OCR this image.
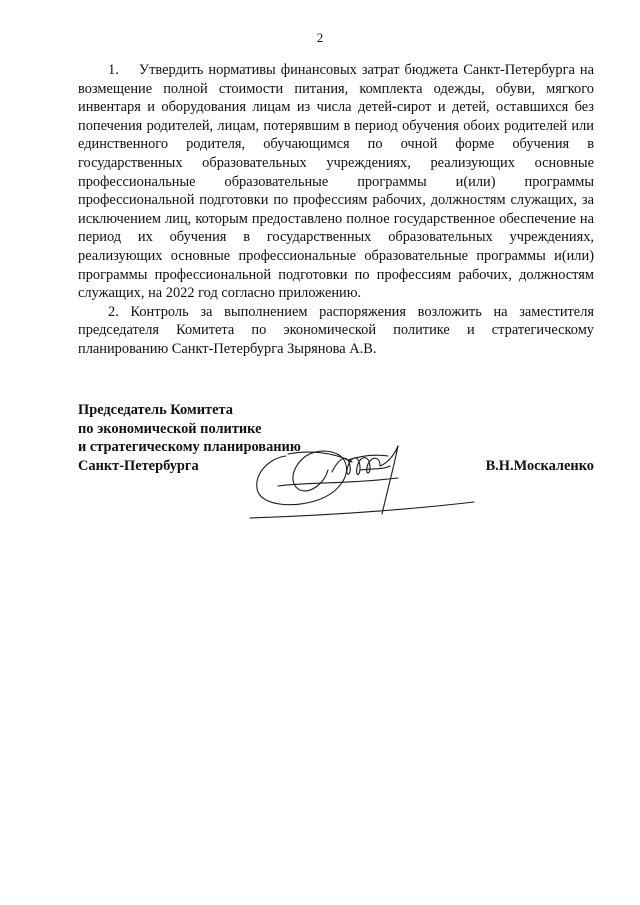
2

1.    Утвердить нормативы финансовых затрат бюджета Санкт-Петербурга на возмещение полной стоимости питания, комплекта одежды, обуви, мягкого инвентаря и оборудования лицам из числа детей-сирот и детей, оставшихся без попечения родителей, лицам, потерявшим в период обучения обоих родителей или единственного родителя, обучающимся по очной форме обучения в государственных образовательных учреждениях, реализующих основные профессиональные образовательные программы и(или) программы профессиональной подготовки по профессиям рабочих, должностям служащих, за исключением лиц, которым предоставлено полное государственное обеспечение на период их обучения в государственных образовательных учреждениях, реализующих основные профессиональные образовательные программы и(или) программы профессиональной подготовки по профессиям рабочих, должностям служащих, на 2022 год согласно приложению.

2. Контроль за выполнением распоряжения возложить на заместителя председателя Комитета по экономической политике и стратегическому планированию Санкт-Петербурга Зырянова А.В.

Председатель Комитета
по экономической политике
и стратегическому планированию
Санкт-Петербурга	В.Н.Москаленко
